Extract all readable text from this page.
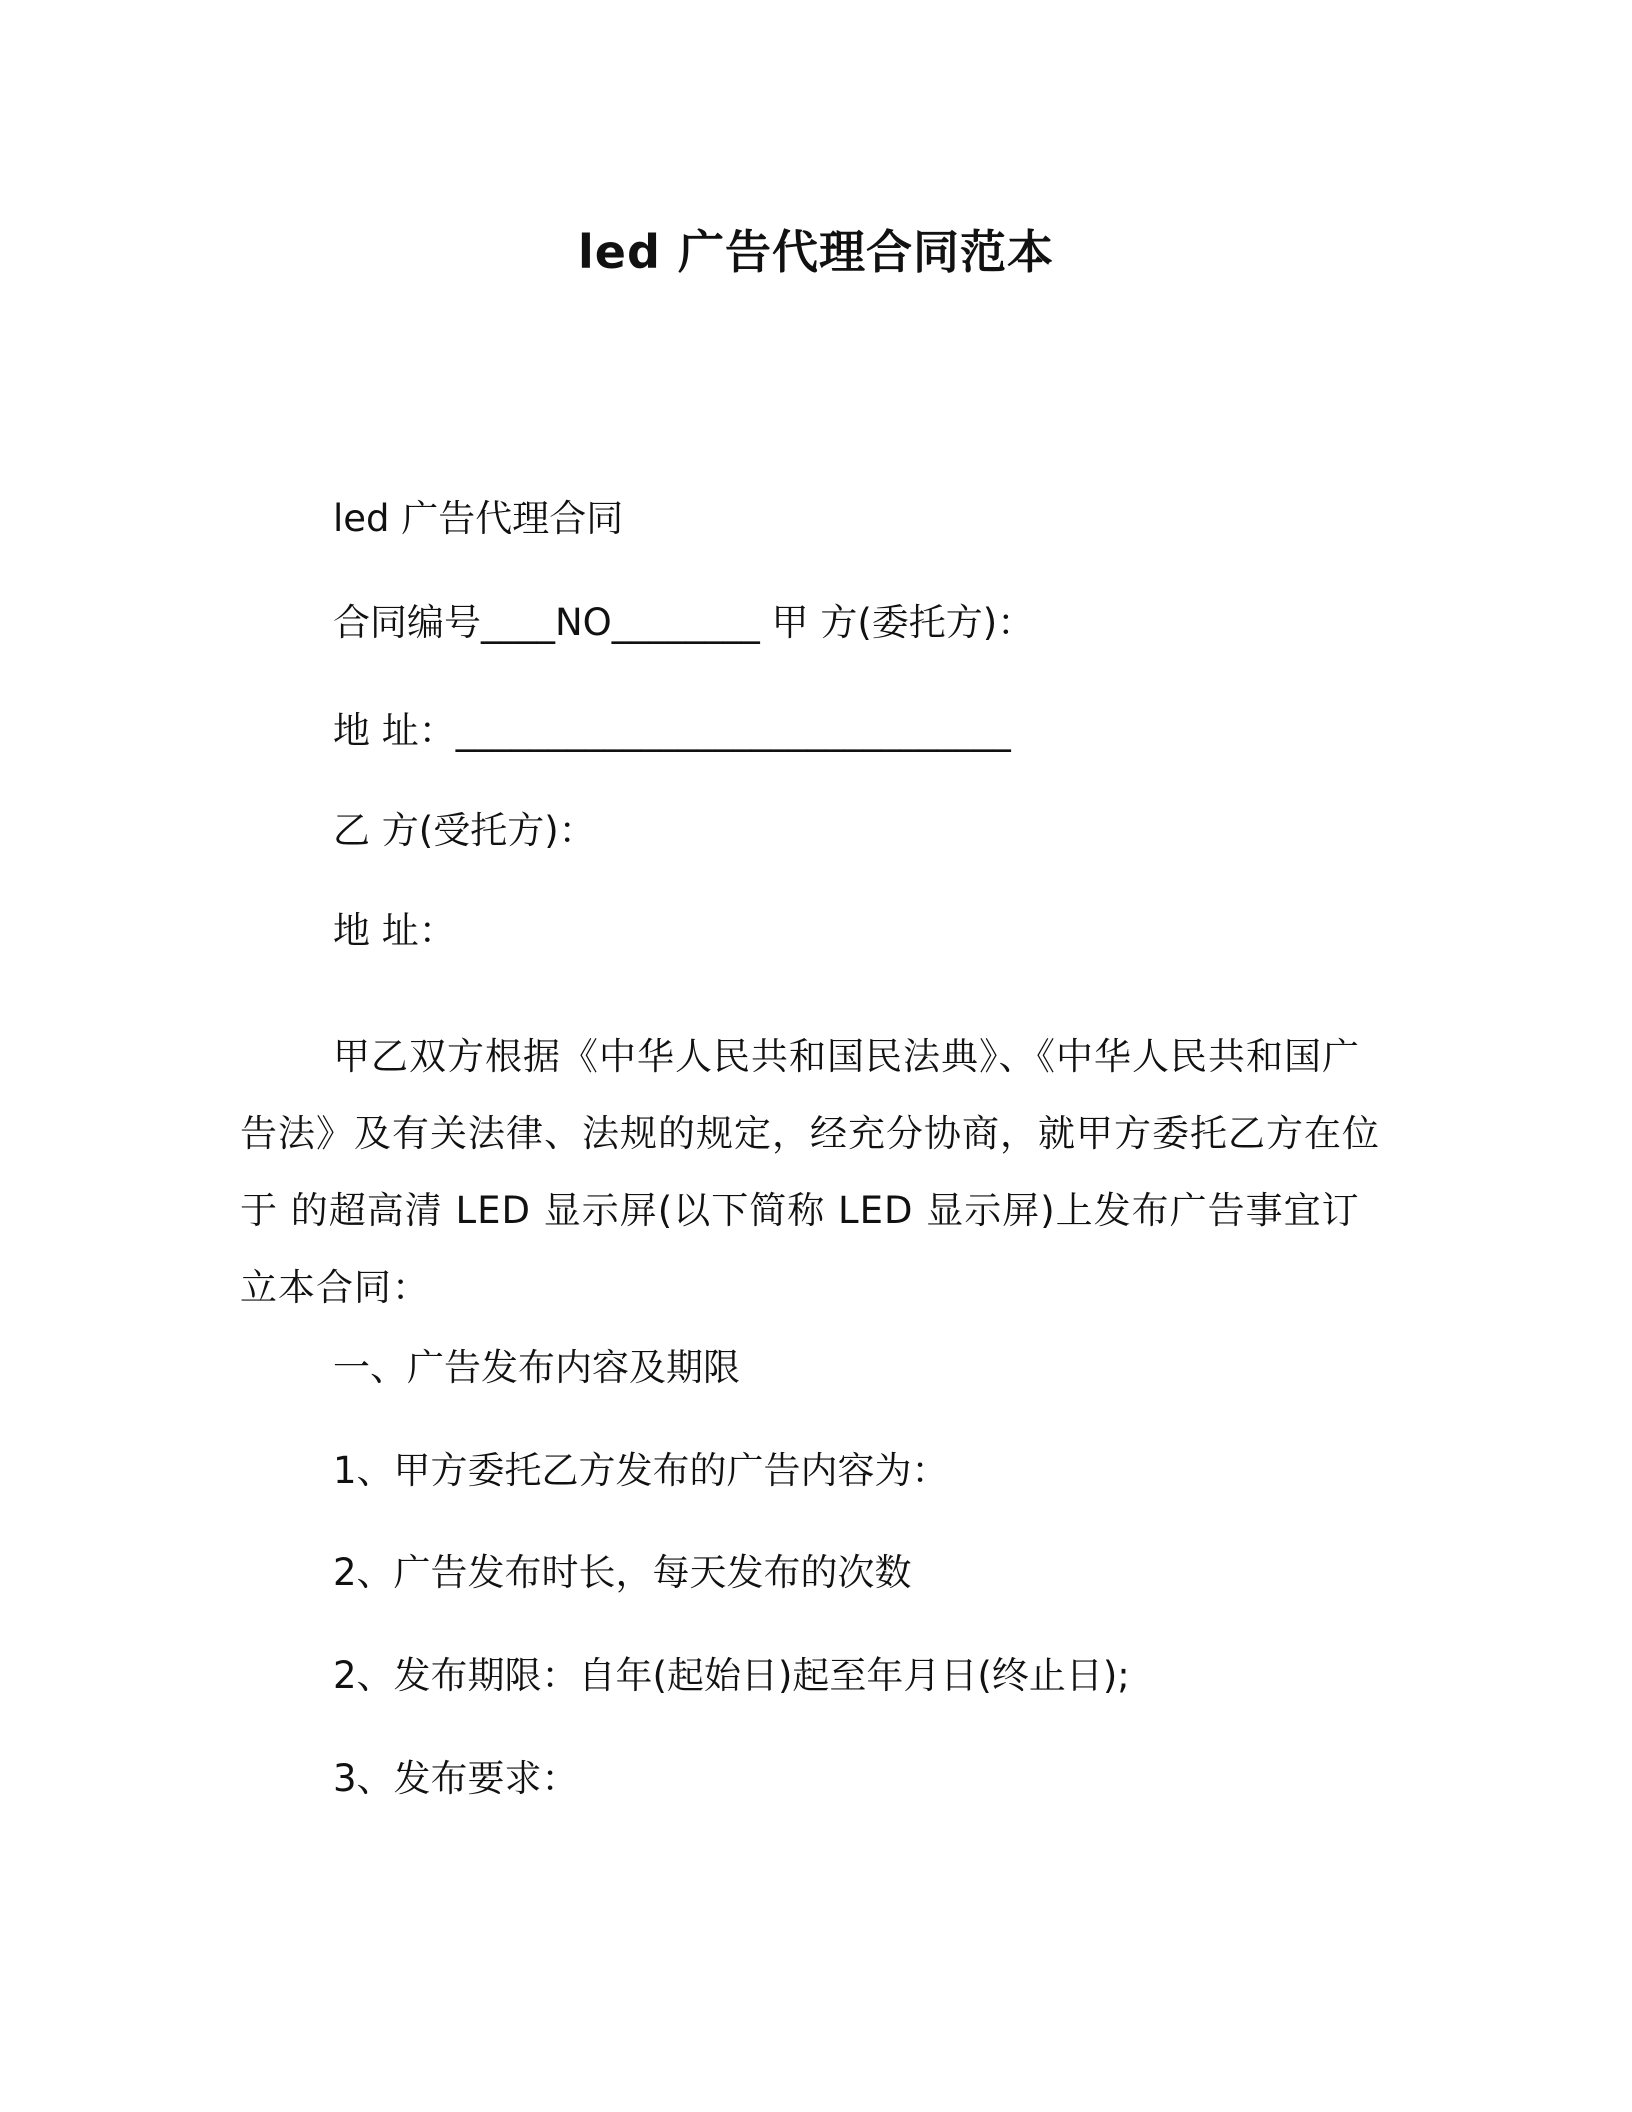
led 广告代理合同范本
led 广告代理合同
合同编号____NO________ 甲 方(委托方)：
地 址：______________________________
乙 方(受托方)：
地 址：
甲乙双方根据《中华人民共和国民法典》、《中华人民共和国广告法》及有关法律、法规的规定，经充分协商，就甲方委托乙方在位于 的超高清 LED 显示屏(以下简称 LED 显示屏)上发布广告事宜订立本合同：
一、广告发布内容及期限
1、甲方委托乙方发布的广告内容为：
2、广告发布时长，每天发布的次数
2、发布期限：自年(起始日)起至年月日(终止日);
3、发布要求：
